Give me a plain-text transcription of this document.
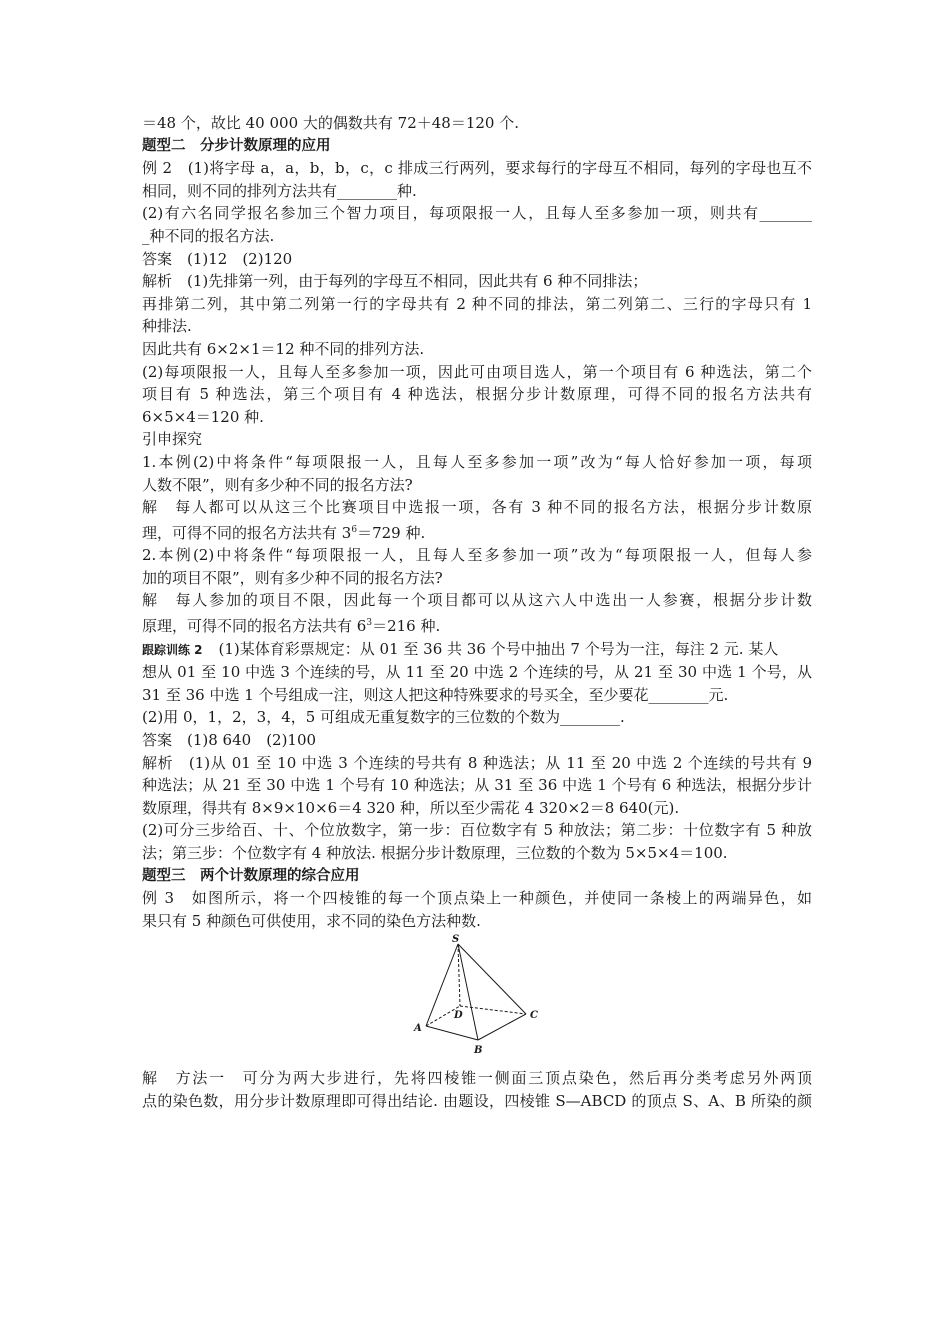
＝48 个，故比 40 000 大的偶数共有 72＋48＝120 个.
题型二　分步计数原理的应用
例 2　(1)将字母 a，a，b，b，c，c 排成三行两列，要求每行的字母互不相同，每列的字母也互不
相同，则不同的排列方法共有________种.
(2)有六名同学报名参加三个智力项目，每项限报一人，且每人至多参加一项，则共有_______
_种不同的报名方法.
答案　(1)12　(2)120
解析　(1)先排第一列，由于每列的字母互不相同，因此共有 6 种不同排法；
再排第二列，其中第二列第一行的字母共有 2 种不同的排法，第二列第二、三行的字母只有 1
种排法.
因此共有 6×2×1＝12 种不同的排列方法.
(2)每项限报一人，且每人至多参加一项，因此可由项目选人，第一个项目有 6 种选法，第二个
项目有 5 种选法，第三个项目有 4 种选法，根据分步计数原理，可得不同的报名方法共有
6×5×4＝120 种.
引申探究
1.本例(2)中将条件“每项限报一人，且每人至多参加一项”改为“每人恰好参加一项，每项
人数不限”，则有多少种不同的报名方法?
解　每人都可以从这三个比赛项目中选报一项，各有 3 种不同的报名方法，根据分步计数原
理，可得不同的报名方法共有 $3^6=729$ 种.
2.本例(2)中将条件“每项限报一人，且每人至多参加一项”改为“每项限报一人，但每人参
加的项目不限”，则有多少种不同的报名方法?
解　每人参加的项目不限，因此每一个项目都可以从这六人中选出一人参赛，根据分步计数
原理，可得不同的报名方法共有 $6^3=216$ 种.
跟踪训练 2 (1)某体育彩票规定：从 01 至 36 共 36 个号中抽出 7 个号为一注，每注 2 元. 某人
想从 01 至 10 中选 3 个连续的号，从 11 至 20 中选 2 个连续的号，从 21 至 30 中选 1 个号，从
31 至 36 中选 1 个号组成一注，则这人把这种特殊要求的号买全，至少要花________元.
(2)用 0，1，2，3，4，5 可组成无重复数字的三位数的个数为________.
答案　(1)8 640　(2)100
解析　(1)从 01 至 10 中选 3 个连续的号共有 8 种选法；从 11 至 20 中选 2 个连续的号共有 9
种选法；从 21 至 30 中选 1 个号有 10 种选法；从 31 至 36 中选 1 个号有 6 种选法，根据分步计
数原理，得共有 8×9×10×6＝4 320 种，所以至少需花 4 320×2＝8 640(元).
(2)可分三步给百、十、个位放数字，第一步：百位数字有 5 种放法；第二步：十位数字有 5 种放
法；第三步：个位数字有 4 种放法. 根据分步计数原理，三位数的个数为 5×5×4＝100.
题型三　两个计数原理的综合应用
例 3　如图所示，将一个四棱锥的每一个顶点染上一种颜色，并使同一条棱上的两端异色，如
果只有 5 种颜色可供使用，求不同的染色方法种数.
S
A
B
C
D
解　方法一　可分为两大步进行，先将四棱锥一侧面三顶点染色，然后再分类考虑另外两顶
点的染色数，用分步计数原理即可得出结论. 由题设，四棱锥 S—ABCD 的顶点 S、A、B 所染的颜
